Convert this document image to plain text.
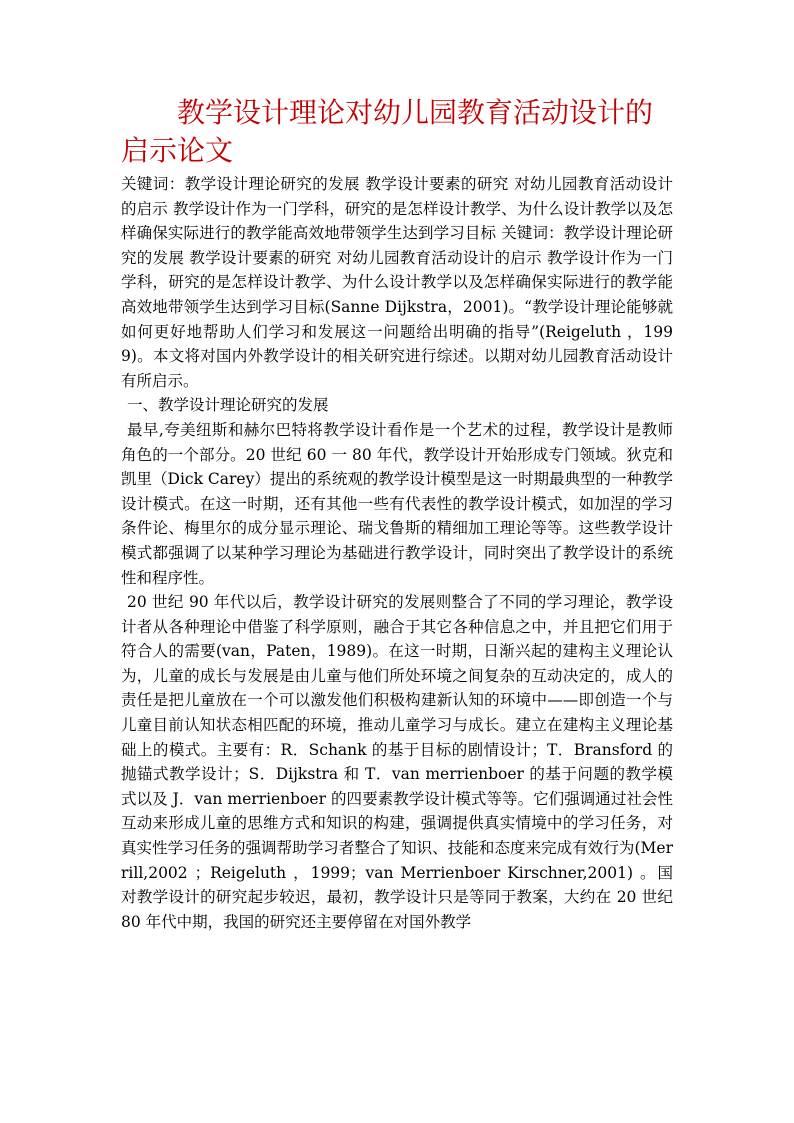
教学设计理论对幼儿园教育活动设计的启示论文

关键词：教学设计理论研究的发展 教学设计要素的研究 对幼儿园教育活动设计的启示 教学设计作为一门学科，研究的是怎样设计教学、为什么设计教学以及怎样确保实际进行的教学能高效地带领学生达到学习目标 关键词：教学设计理论研究的发展 教学设计要素的研究 对幼儿园教育活动设计的启示 教学设计作为一门学科，研究的是怎样设计教学、为什么设计教学以及怎样确保实际进行的教学能高效地带领学生达到学习目标(Sanne Dijkstra，2001)。“教学设计理论能够就如何更好地帮助人们学习和发展这一问题给出明确的指导”(Reigeluth ，1999)。本文将对国内外教学设计的相关研究进行综述。以期对幼儿园教育活动设计有所启示。

一、教学设计理论研究的发展

最早,夸美纽斯和赫尔巴特将教学设计看作是一个艺术的过程，教学设计是教师角色的一个部分。20 世纪 60 一 80 年代，教学设计开始形成专门领域。狄克和凯里（Dick Carey）提出的系统观的教学设计模型是这一时期最典型的一种教学设计模式。在这一时期，还有其他一些有代表性的教学设计模式，如加涅的学习条件论、梅里尔的成分显示理论、瑞戈鲁斯的精细加工理论等等。这些教学设计模式都强调了以某种学习理论为基础进行教学设计，同时突出了教学设计的系统性和程序性。

20 世纪 90 年代以后，教学设计研究的发展则整合了不同的学习理论，教学设计者从各种理论中借鉴了科学原则，融合于其它各种信息之中，并且把它们用于符合人的需要(van，Paten，1989)。在这一时期，日渐兴起的建构主义理论认为，儿童的成长与发展是由儿童与他们所处环境之间复杂的互动决定的，成人的责任是把儿童放在一个可以激发他们积极构建新认知的环境中——即创造一个与儿童目前认知状态相匹配的环境，推动儿童学习与成长。建立在建构主义理论基础上的模式。主要有：R．Schank 的基于目标的剧情设计；T．Bransford 的抛锚式教学设计；S．Dijkstra 和 T．van merrienboer 的基于问题的教学模式以及 J．van merrienboer 的四要素教学设计模式等等。它们强调通过社会性互动来形成儿童的思维方式和知识的构建，强调提供真实情境中的学习任务，对真实性学习任务的强调帮助学习者整合了知识、技能和态度来完成有效行为(Merrill,2002 ；Reigeluth ，1999；van Merrienboer Kirschner,2001) 。国对教学设计的研究起步较迟，最初，教学设计只是等同于教案，大约在 20 世纪 80 年代中期，我国的研究还主要停留在对国外教学
